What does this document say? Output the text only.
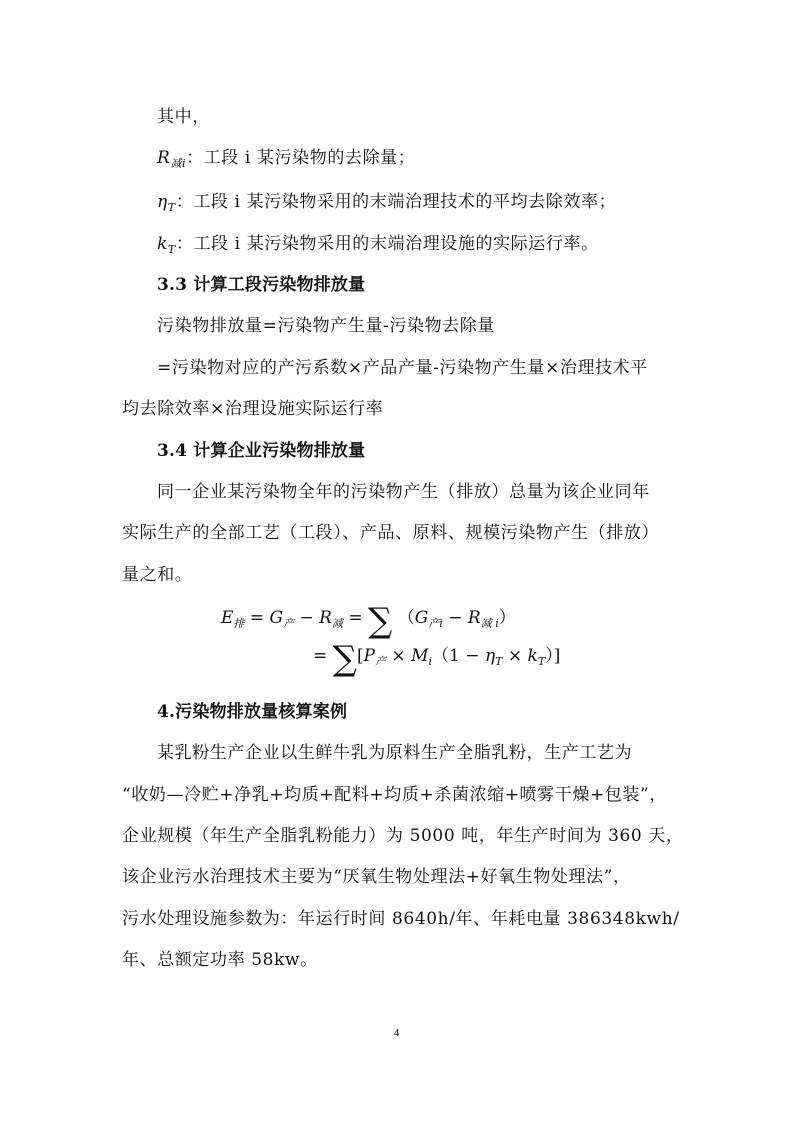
其中，
$R_{减i}$：工段 i 某污染物的去除量；
$\eta_T$：工段 i 某污染物采用的末端治理技术的平均去除效率；
$k_T$：工段 i 某污染物采用的末端治理设施的实际运行率。
3.3 计算工段污染物排放量
污染物排放量=污染物产生量-污染物去除量
=污染物对应的产污系数×产品产量-污染物产生量×治理技术平
均去除效率×治理设施实际运行率
3.4 计算企业污染物排放量
同一企业某污染物全年的污染物产生（排放）总量为该企业同年
实际生产的全部工艺（工段）、产品、原料、规模污染物产生（排放）
量之和。
$E_排 = G_产 - R_减$ = ∑ $(G_{产i} - R_{减 i})$
= $\sum[P_产 \times M_i(1 - \eta_T \times k_T)]$
4.污染物排放量核算案例
某乳粉生产企业以生鲜牛乳为原料生产全脂乳粉，生产工艺为
“收奶—冷贮+净乳+均质+配料+均质+杀菌浓缩+喷雾干燥+包装”，
企业规模（年生产全脂乳粉能力）为 5000 吨，年生产时间为 360 天，
该企业污水治理技术主要为“厌氧生物处理法+好氧生物处理法”，
污水处理设施参数为：年运行时间 8640h/年、年耗电量 386348kwh/
年、总额定功率 58kw。
4
